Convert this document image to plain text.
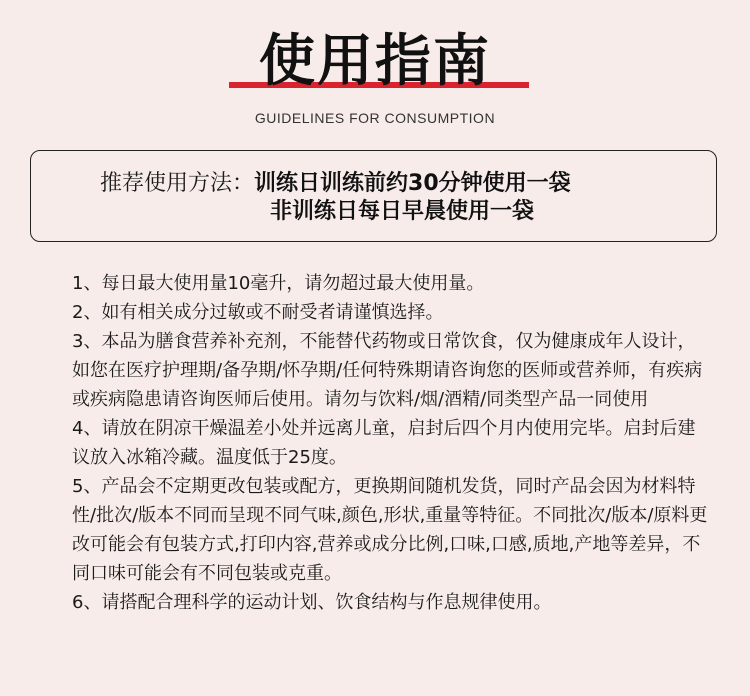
使用指南
GUIDELINES FOR CONSUMPTION
推荐使用方法：训练日训练前约30分钟使用一袋
非训练日每日早晨使用一袋

1、每日最大使用量10毫升，请勿超过最大使用量。

2、如有相关成分过敏或不耐受者请谨慎选择。

3、本品为膳食营养补充剂，不能替代药物或日常饮食，仅为健康成年人设计，如您在医疗护理期/备孕期/怀孕期/任何特殊期请咨询您的医师或营养师，有疾病或疾病隐患请咨询医师后使用。请勿与饮料/烟/酒精/同类型产品一同使用

4、请放在阴凉干燥温差小处并远离儿童，启封后四个月内使用完毕。启封后建议放入冰箱冷藏。温度低于25度。

5、产品会不定期更改包装或配方，更换期间随机发货，同时产品会因为材料特性/批次/版本不同而呈现不同气味,颜色,形状,重量等特征。不同批次/版本/原料更改可能会有包装方式,打印内容,营养或成分比例,口味,口感,质地,产地等差异，不同口味可能会有不同包装或克重。

6、请搭配合理科学的运动计划、饮食结构与作息规律使用。
